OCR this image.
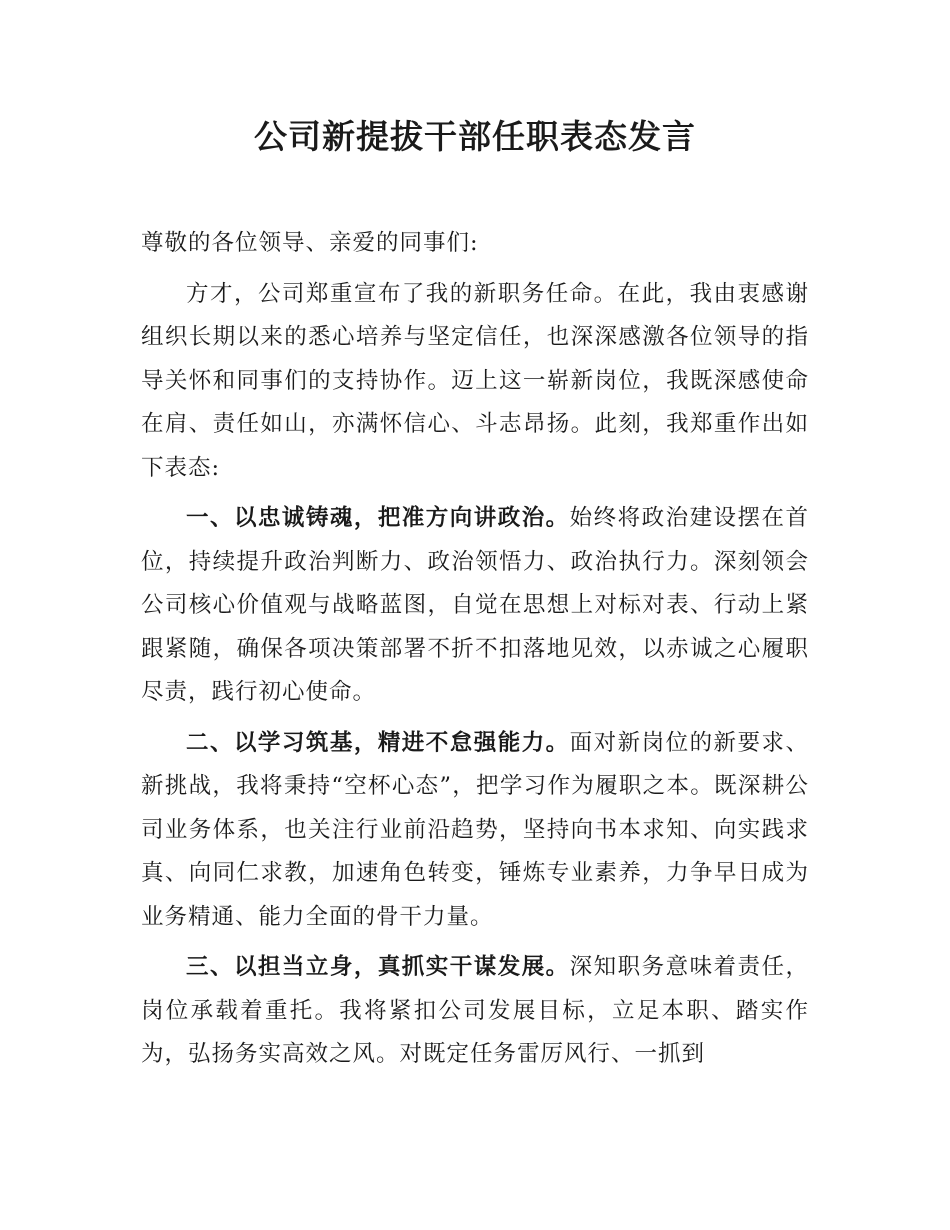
公司新提拔干部任职表态发言

尊敬的各位领导、亲爱的同事们:

方才，公司郑重宣布了我的新职务任命。在此，我由衷感谢组织长期以来的悉心培养与坚定信任，也深深感激各位领导的指导关怀和同事们的支持协作。迈上这一崭新岗位，我既深感使命在肩、责任如山，亦满怀信心、斗志昂扬。此刻，我郑重作出如下表态:

一、以忠诚铸魂，把准方向讲政治。始终将政治建设摆在首位，持续提升政治判断力、政治领悟力、政治执行力。深刻领会公司核心价值观与战略蓝图，自觉在思想上对标对表、行动上紧跟紧随，确保各项决策部署不折不扣落地见效，以赤诚之心履职尽责，践行初心使命。

二、以学习筑基，精进不怠强能力。面对新岗位的新要求、新挑战，我将秉持“空杯心态”，把学习作为履职之本。既深耕公司业务体系，也关注行业前沿趋势，坚持向书本求知、向实践求真、向同仁求教，加速角色转变，锤炼专业素养，力争早日成为业务精通、能力全面的骨干力量。

三、以担当立身，真抓实干谋发展。深知职务意味着责任，岗位承载着重托。我将紧扣公司发展目标，立足本职、踏实作为，弘扬务实高效之风。对既定任务雷厉风行、一抓到
